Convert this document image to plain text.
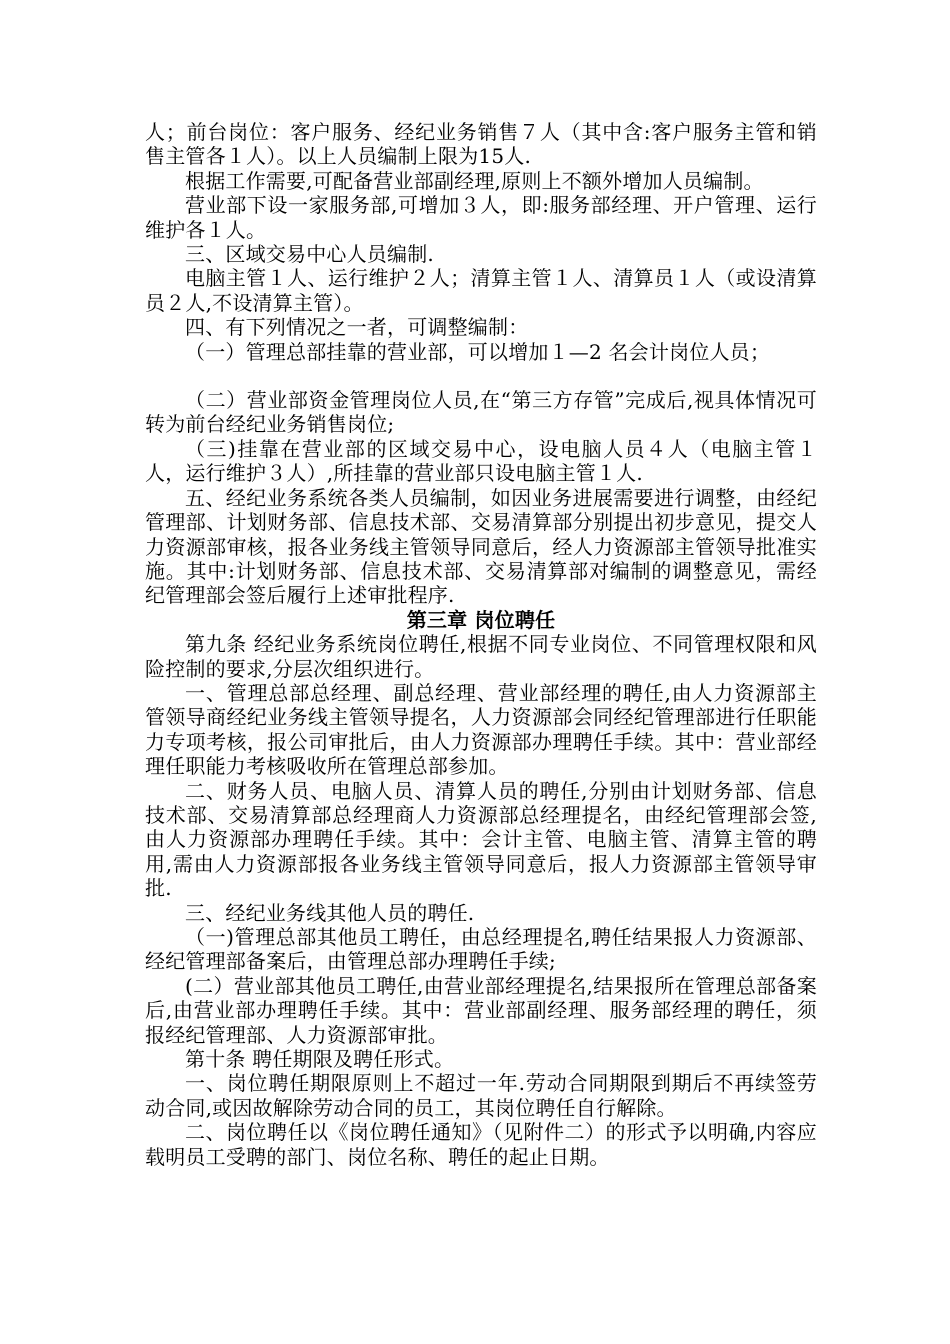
人；前台岗位：客户服务、经纪业务销售７人（其中含:客户服务主管和销售主管各１人）。以上人员编制上限为15人.

根据工作需要,可配备营业部副经理,原则上不额外增加人员编制。

营业部下设一家服务部,可增加３人，即:服务部经理、开户管理、运行维护各１人。

三、区域交易中心人员编制.

电脑主管１人、运行维护２人；清算主管１人、清算员１人（或设清算员２人,不设清算主管）。

四、有下列情况之一者，可调整编制：

（一）管理总部挂靠的营业部，可以增加１—2 名会计岗位人员；

（二）营业部资金管理岗位人员,在“第三方存管”完成后,视具体情况可转为前台经纪业务销售岗位;

（三)挂靠在营业部的区域交易中心，设电脑人员４人（电脑主管１人，运行维护３人）,所挂靠的营业部只设电脑主管１人.

五、经纪业务系统各类人员编制，如因业务进展需要进行调整，由经纪管理部、计划财务部、信息技术部、交易清算部分别提出初步意见，提交人力资源部审核，报各业务线主管领导同意后，经人力资源部主管领导批准实施。其中:计划财务部、信息技术部、交易清算部对编制的调整意见，需经纪管理部会签后履行上述审批程序.

第三章 岗位聘任

第九条 经纪业务系统岗位聘任,根据不同专业岗位、不同管理权限和风险控制的要求,分层次组织进行。

一、管理总部总经理、副总经理、营业部经理的聘任,由人力资源部主管领导商经纪业务线主管领导提名，人力资源部会同经纪管理部进行任职能力专项考核，报公司审批后，由人力资源部办理聘任手续。其中：营业部经理任职能力考核吸收所在管理总部参加。

二、财务人员、电脑人员、清算人员的聘任,分别由计划财务部、信息技术部、交易清算部总经理商人力资源部总经理提名，由经纪管理部会签,由人力资源部办理聘任手续。其中：会计主管、电脑主管、清算主管的聘用,需由人力资源部报各业务线主管领导同意后，报人力资源部主管领导审批.

三、经纪业务线其他人员的聘任.

（一)管理总部其他员工聘任，由总经理提名,聘任结果报人力资源部、经纪管理部备案后，由管理总部办理聘任手续;

(二）营业部其他员工聘任,由营业部经理提名,结果报所在管理总部备案后,由营业部办理聘任手续。其中：营业部副经理、服务部经理的聘任，须报经纪管理部、人力资源部审批。

第十条 聘任期限及聘任形式。

一、岗位聘任期限原则上不超过一年.劳动合同期限到期后不再续签劳动合同,或因故解除劳动合同的员工，其岗位聘任自行解除。

二、岗位聘任以《岗位聘任通知》（见附件二）的形式予以明确,内容应载明员工受聘的部门、岗位名称、聘任的起止日期。
